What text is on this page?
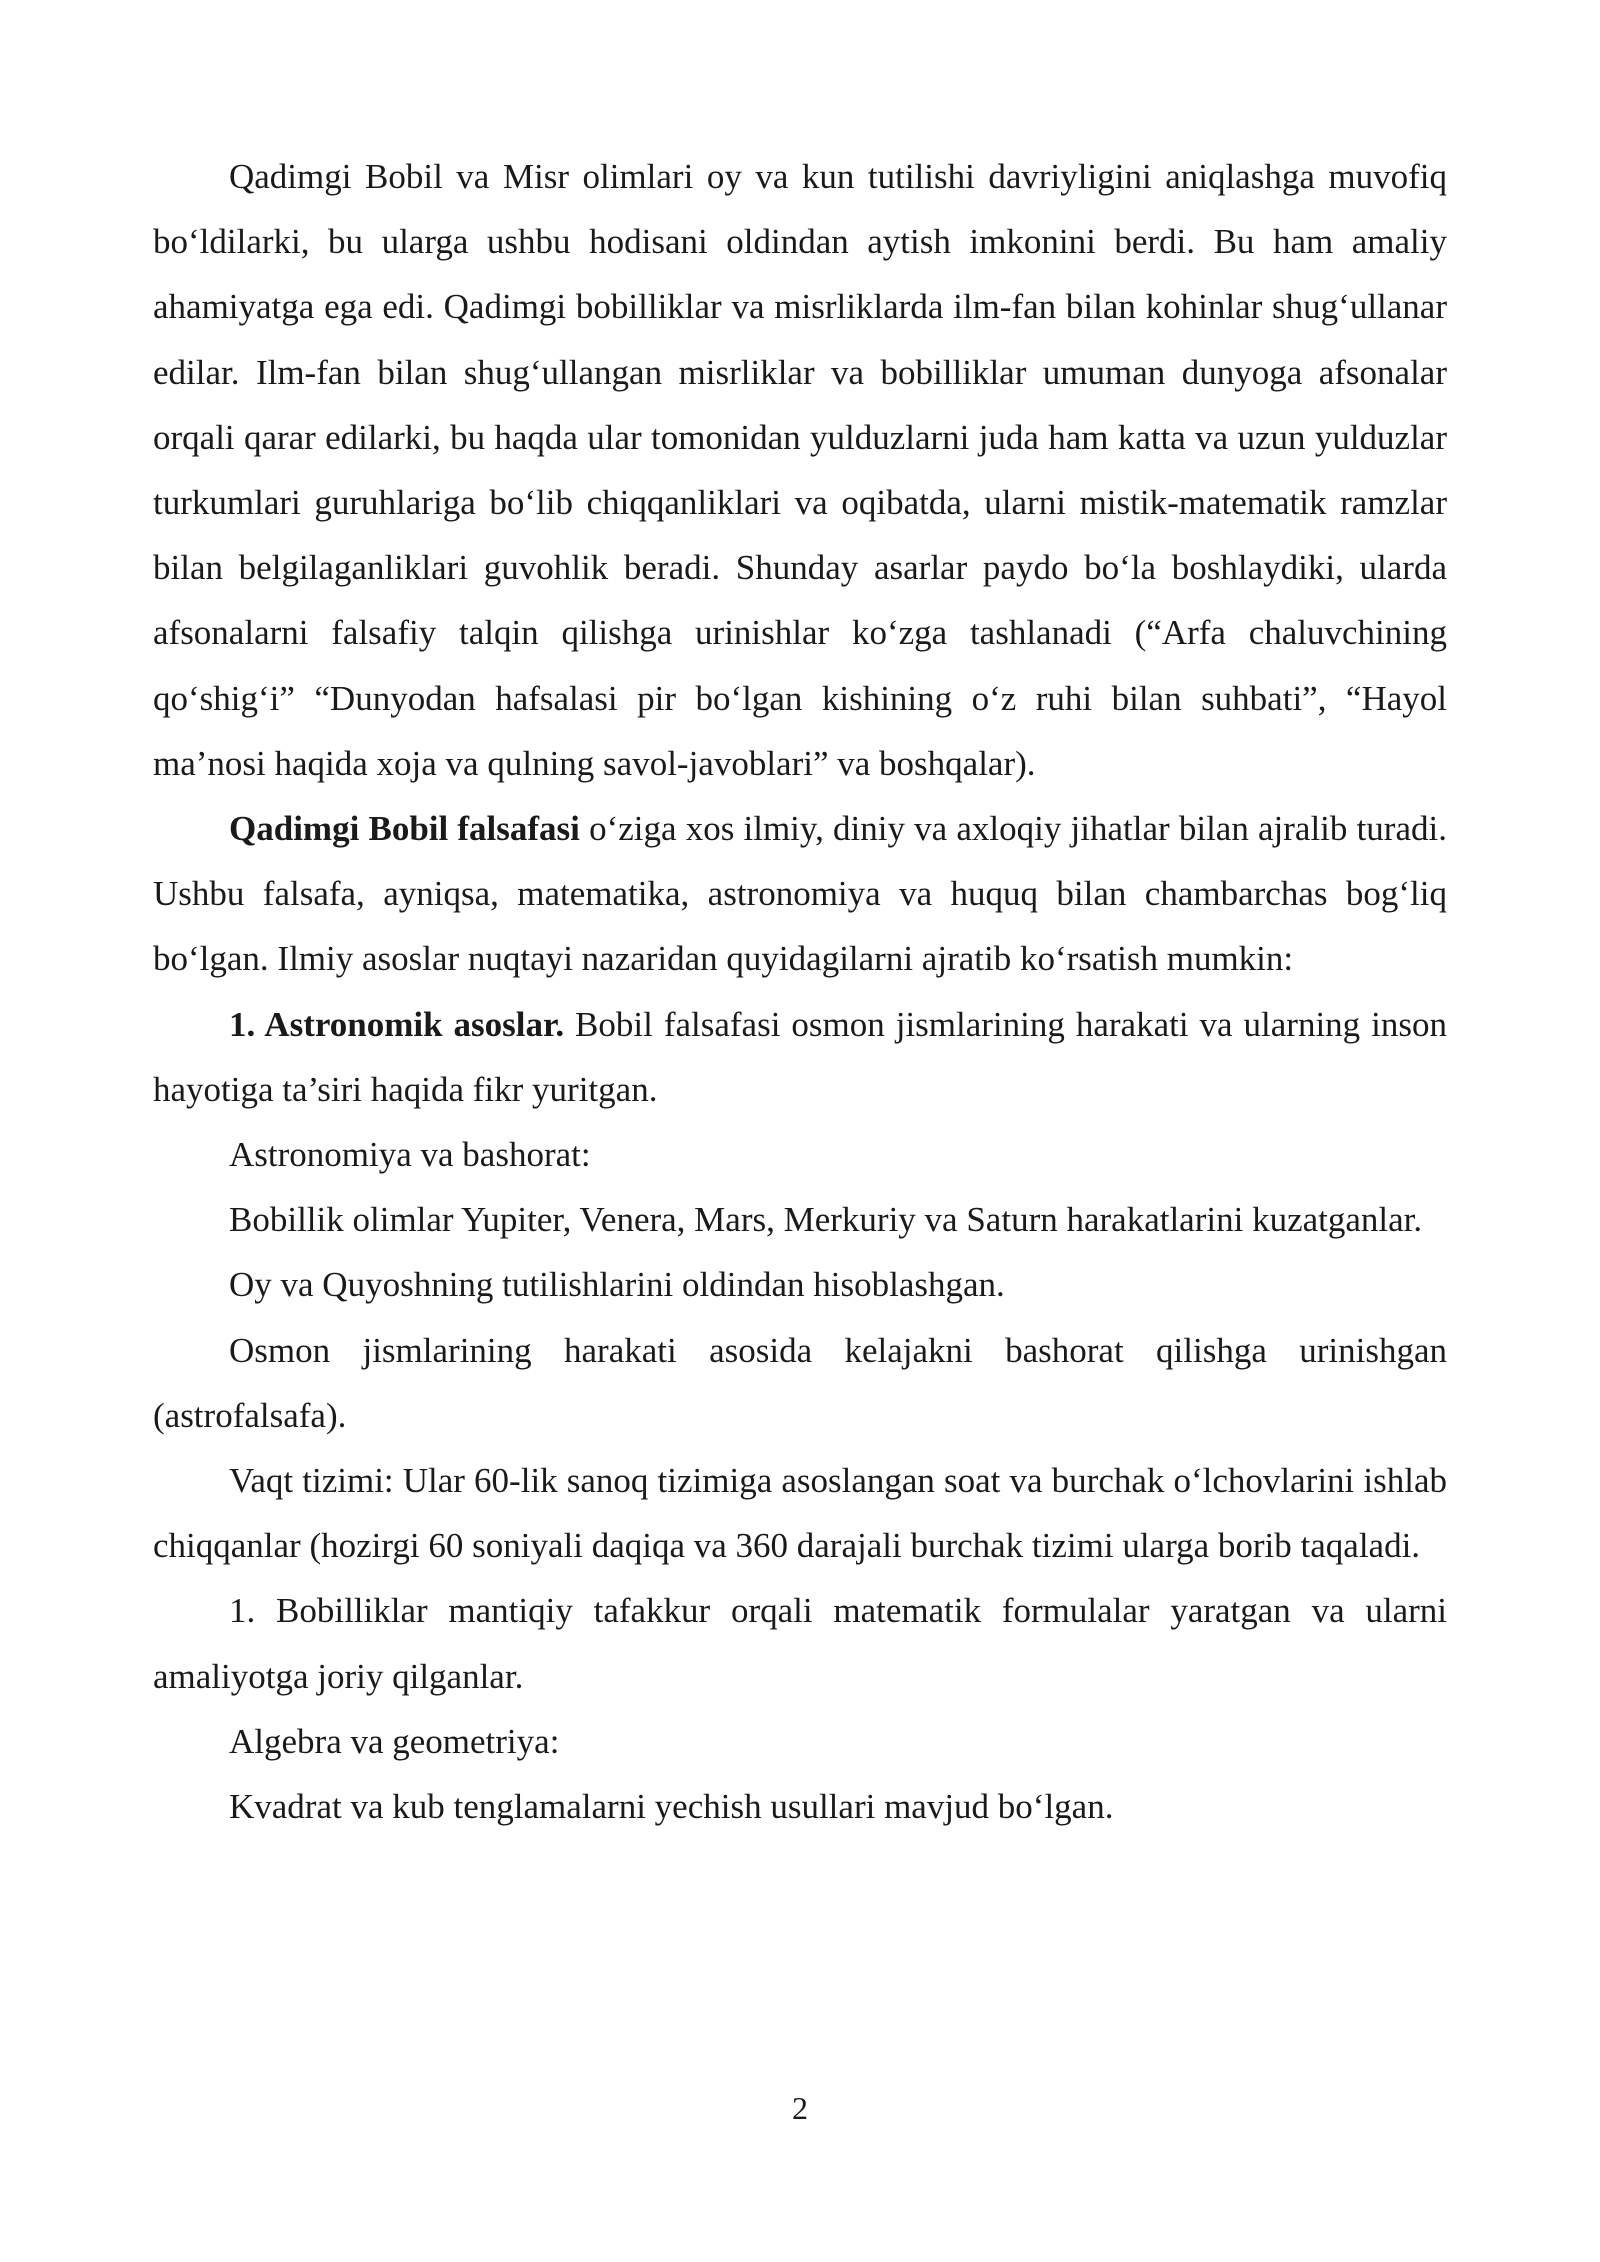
Qadimgi Bobil va Misr olimlari oy va kun tutilishi davriyligini aniqlashga muvofiq bo‘ldilarki, bu ularga ushbu hodisani oldindan aytish imkonini berdi. Bu ham amaliy ahamiyatga ega edi. Qadimgi bobilliklar va misrliklarda ilm-fan bilan kohinlar shug‘ullanar edilar. Ilm-fan bilan shug‘ullangan misrliklar va bobilliklar umuman dunyoga afsonalar orqali qarar edilarki, bu haqda ular tomonidan yulduzlarni juda ham katta va uzun yulduzlar turkumlari guruhlariga bo‘lib chiqqanliklari va oqibatda, ularni mistik-matematik ramzlar bilan belgilaganliklari guvohlik beradi. Shunday asarlar paydo bo‘la boshlaydiki, ularda afsonalarni falsafiy talqin qilishga urinishlar ko‘zga tashlanadi (“Arfa chaluvchining qo‘shig‘i” “Dunyodan hafsalasi pir bo‘lgan kishining o‘z ruhi bilan suhbati”, “Hayol ma’nosi haqida xoja va qulning savol-javoblari” va boshqalar).

Qadimgi Bobil falsafasi o‘ziga xos ilmiy, diniy va axloqiy jihatlar bilan ajralib turadi. Ushbu falsafa, ayniqsa, matematika, astronomiya va huquq bilan chambarchas bog‘liq bo‘lgan. Ilmiy asoslar nuqtayi nazaridan quyidagilarni ajratib ko‘rsatish mumkin:

1. Astronomik asoslar. Bobil falsafasi osmon jismlarining harakati va ularning inson hayotiga ta’siri haqida fikr yuritgan.

Astronomiya va bashorat:

Bobillik olimlar Yupiter, Venera, Mars, Merkuriy va Saturn harakatlarini kuzatganlar.

Oy va Quyoshning tutilishlarini oldindan hisoblashgan.

Osmon jismlarining harakati asosida kelajakni bashorat qilishga urinishgan (astrofalsafa).

Vaqt tizimi: Ular 60-lik sanoq tizimiga asoslangan soat va burchak o‘lchovlarini ishlab chiqqanlar (hozirgi 60 soniyali daqiqa va 360 darajali burchak tizimi ularga borib taqaladi.

1. Bobilliklar mantiqiy tafakkur orqali matematik formulalar yaratgan va ularni amaliyotga joriy qilganlar.

Algebra va geometriya:

Kvadrat va kub tenglamalarni yechish usullari mavjud bo‘lgan.

2
